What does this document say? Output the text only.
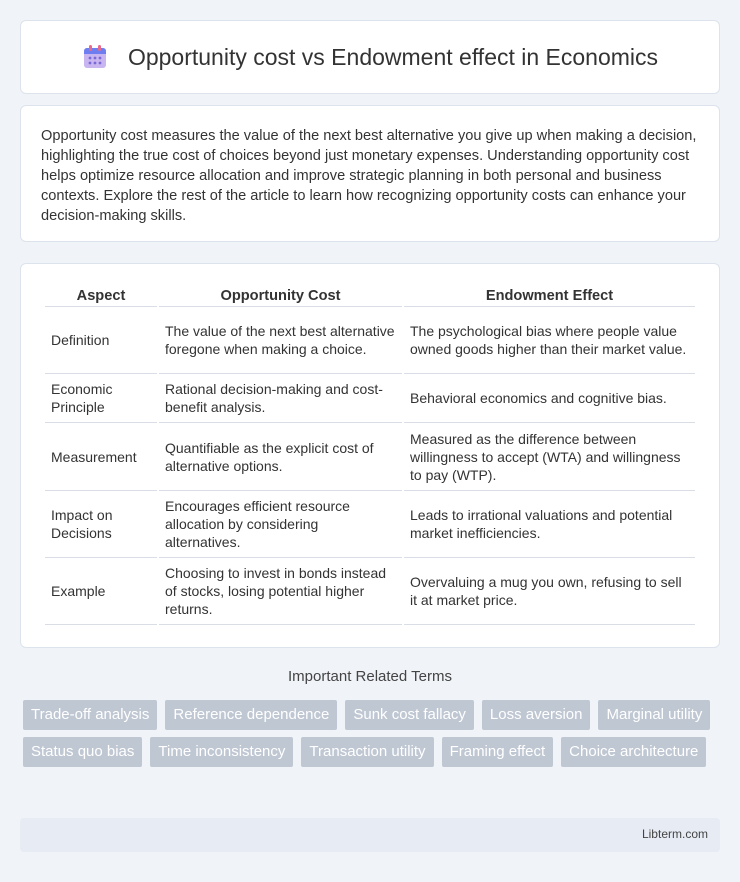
Opportunity cost vs Endowment effect in Economics

Opportunity cost measures the value of the next best alternative you give up when making a decision, highlighting the true cost of choices beyond just monetary expenses. Understanding opportunity cost helps optimize resource allocation and improve strategic planning in both personal and business contexts. Explore the rest of the article to learn how recognizing opportunity costs can enhance your decision-making skills.

Aspect	Opportunity Cost	Endowment Effect
Definition	The value of the next best alternative foregone when making a choice.	The psychological bias where people value owned goods higher than their market value.
Economic Principle	Rational decision-making and cost-benefit analysis.	Behavioral economics and cognitive bias.
Measurement	Quantifiable as the explicit cost of alternative options.	Measured as the difference between willingness to accept (WTA) and willingness to pay (WTP).
Impact on Decisions	Encourages efficient resource allocation by considering alternatives.	Leads to irrational valuations and potential market inefficiencies.
Example	Choosing to invest in bonds instead of stocks, losing potential higher returns.	Overvaluing a mug you own, refusing to sell it at market price.
Important Related Terms
Trade-off analysis	Reference dependence	Sunk cost fallacy	Loss aversion	Marginal utility
Status quo bias	Time inconsistency	Transaction utility	Framing effect	Choice architecture
Libterm.com
